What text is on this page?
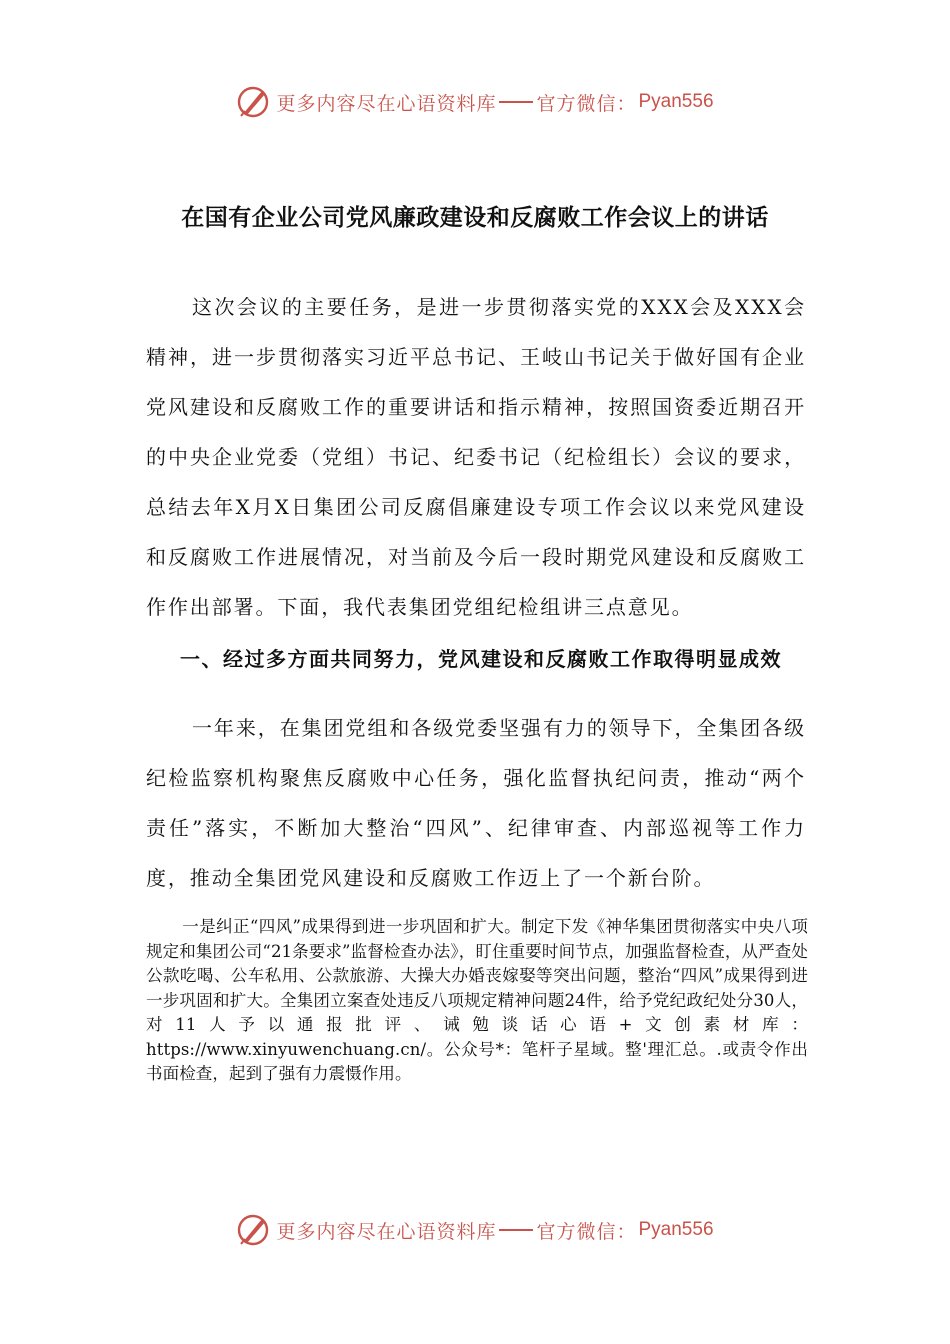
更多内容尽在心语资料库 官方微信： Pyan556
在国有企业公司党风廉政建设和反腐败工作会议上的讲话

这次会议的主要任务，是进一步贯彻落实党的XXX会及XXX会精神，进一步贯彻落实习近平总书记、王岐山书记关于做好国有企业党风建设和反腐败工作的重要讲话和指示精神，按照国资委近期召开的中央企业党委（党组）书记、纪委书记（纪检组长）会议的要求，总结去年X月X日集团公司反腐倡廉建设专项工作会议以来党风建设和反腐败工作进展情况，对当前及今后一段时期党风建设和反腐败工作作出部署。下面，我代表集团党组纪检组讲三点意见。

一、经过多方面共同努力，党风建设和反腐败工作取得明显成效

一年来，在集团党组和各级党委坚强有力的领导下，全集团各级纪检监察机构聚焦反腐败中心任务，强化监督执纪问责，推动“两个责任”落实，不断加大整治“四风”、纪律审查、内部巡视等工作力度，推动全集团党风建设和反腐败工作迈上了一个新台阶。

一是纠正“四风”成果得到进一步巩固和扩大。制定下发《神华集团贯彻落实中央八项规定和集团公司“21条要求”监督检查办法》，盯住重要时间节点，加强监督检查，从严查处公款吃喝、公车私用、公款旅游、大操大办婚丧嫁娶等突出问题，整治“四风”成果得到进一步巩固和扩大。全集团立案查处违反八项规定精神问题24件，给予党纪政纪处分30人，对11人予以通报批评、诫勉谈话心语+文创素材库：https://www.xinyuwenchuang.cn/。公众号*：笔杆子星域。整'理汇总。.或责令作出书面检查，起到了强有力震慑作用。

更多内容尽在心语资料库 官方微信： Pyan556
